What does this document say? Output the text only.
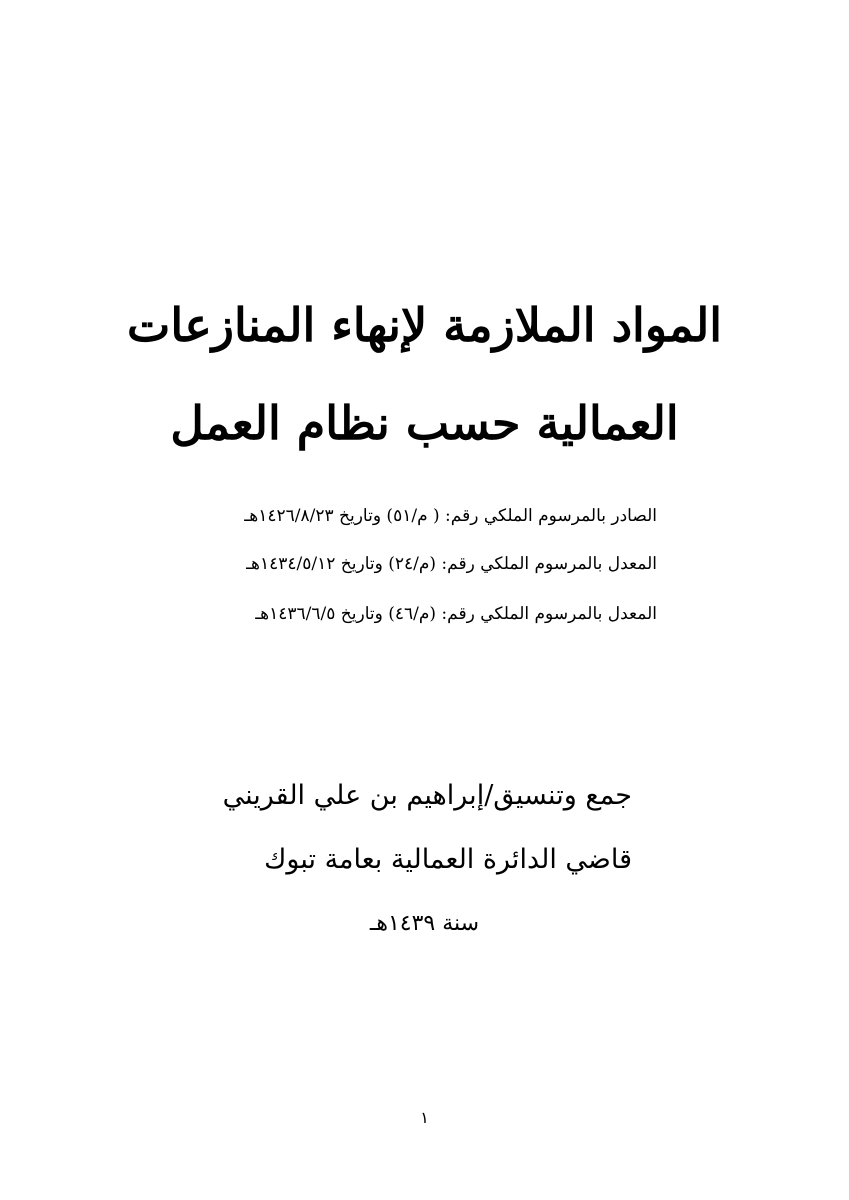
المواد الملازمة لإنهاء المنازعات
العمالية حسب نظام العمل
الصادر بالمرسوم الملكي رقم: ( م/٥١) وتاريخ ١٤٢٦/٨/٢٣هـ
المعدل بالمرسوم الملكي رقم: (م/٢٤) وتاريخ ١٤٣٤/٥/١٢هـ
المعدل بالمرسوم الملكي رقم: (م/٤٦) وتاريخ ١٤٣٦/٦/٥هـ
جمع وتنسيق/إبراهيم بن علي القريني
قاضي الدائرة العمالية بعامة تبوك
سنة ١٤٣٩هـ
١
